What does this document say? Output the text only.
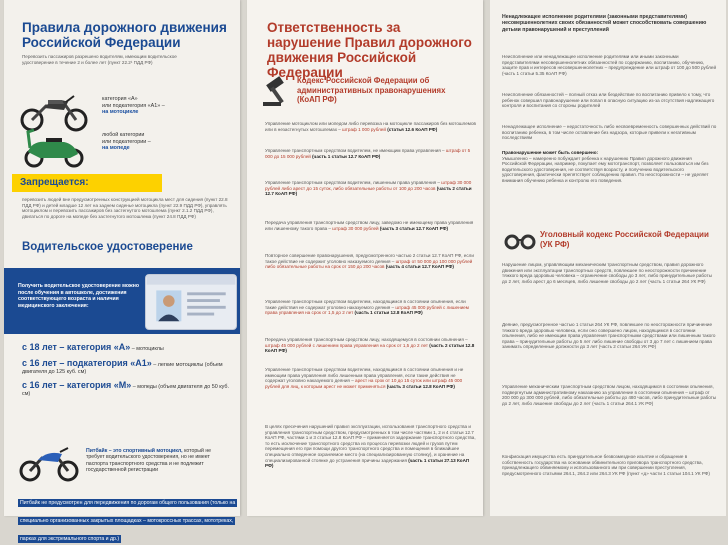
Правила дорожного движения Российской Федерации
Перевозить пассажиров разрешено водителям, имеющим водительское удостоверение в течение 2 и более лет (пункт 22.2¹ ПДД РФ)
категория «А»
или подкатегория «А1» –
на мотоцикле
любой категории
или подкатегории –
на мопеде
Запрещается:
перевозить людей вне предусмотренных конструкцией мотоцикла мест для сидения (пункт 22.8 ПДД РФ) и детей младше 12 лет на заднем сиденье мотоцикла (пункт 22.9 ПДД РФ), управлять мотоциклом и перевозить пассажиров без застегнутого мотошлема (пункт 2.1.2 ПДД РФ), двигаться по дороге на мопеде без застегнутого мотошлема (пункт 24.8 ПДД РФ)
Водительское удостоверение
Получить водительское удостоверение можно после обучения в автошколе, достижения соответствующего возраста и наличия медицинского заключения:
с 18 лет – категория «А» – мотоциклы
с 16 лет – подкатегория «А1» – легкие мотоциклы (объем двигателя до 125 куб. см)
с 16 лет – категория «М» – мопеды (объем двигателя до 50 куб. см)
Питбайк – это спортивный мотоцикл, который не требует водительского удостоверения, но не имеет паспорта транспортного средства и не подлежит государственной регистрации
Питбайк не предусмотрен для передвижения по дорогам общего пользования (только на специально организованных закрытых площадках – мотокроссных трассах, мототреках, парках для экстремального спорта и др.)
Ответственность за нарушение Правил дорожного движения Российской Федерации
Кодекс Российской Федерации об административных правонарушениях (КоАП РФ)
Управление мотоциклом или мопедом либо перевозка на мотоцикле пассажиров без мотошлемов или в незастегнутых мотошлемах – штраф 1 000 рублей (статья 12.6 КоАП РФ)
Управление транспортным средством водителем, не имеющим права управления – штраф от 5 000 до 15 000 рублей (часть 1 статьи 12.7 КоАП РФ)
Управление транспортным средством водителем, лишенным права управления – штраф 30 000 рублей либо арест до 15 суток, либо обязательные работы от 100 до 200 часов (часть 2 статьи 12.7 КоАП РФ)
Передача управления транспортным средством лицу, заведомо не имеющему права управления или лишенному такого права – штраф 30 000 рублей (часть 3 статьи 12.7 КоАП РФ)
Повторное совершение правонарушения, предусмотренного частью 2 статьи 12.7 КоАП РФ, если такое действие не содержит уголовно наказуемого деяния – штраф от 50 000 до 100 000 рублей либо обязательные работы на срок от 150 до 200 часов (часть 4 статьи 12.7 КоАП РФ)
Управление транспортным средством водителем, находящимся в состоянии опьянения, если такие действия не содержат уголовно наказуемого деяния – штраф 45 000 рублей с лишением права управления на срок от 1,5 до 2 лет (часть 1 статьи 12.8 КоАП РФ)
Передача управления транспортным средством лицу, находящемуся в состоянии опьянения – штраф 45 000 рублей с лишением права управления на срок от 1,5 до 2 лет (часть 2 статьи 12.8 КоАП РФ)
Управление транспортным средством водителем, находящимся в состоянии опьянения и не имеющим права управления либо лишенным права управления, если такие действия не содержат уголовно наказуемого деяния – арест на срок от 10 до 15 суток или штраф 45 000 рублей для лиц, к которым арест не может применяться (часть 3 статьи 12.8 КоАП РФ)
В целях пресечения нарушений правил эксплуатации, использования транспортного средства и управления транспортным средством, предусмотренных в том числе частями 1, 2 и 4 статьи 12.7 КоАП РФ, частями 1 и 3 статьи 12.8 КоАП РФ – применяется задержание транспортного средства, то есть исключение транспортного средства из процесса перевозки людей и грузов путем перемещения его при помощи другого транспортного средства и помещения в ближайшее специально отведенное охраняемое место (на специализированную стоянку), и хранение на специализированной стоянке до устранения причины задержания (часть 1 статьи 27.13 КоАП РФ)
Ненадлежащее исполнение родителями (законными представителями) несовершеннолетних своих обязанностей может способствовать совершению детьми правонарушений и преступлений
Неисполнение или ненадлежащее исполнение родителями или иными законными представителями несовершеннолетних обязанностей по содержанию, воспитанию, обучению, защите прав и интересов несовершеннолетних – предупреждение или штраф от 100 до 500 рублей (часть 1 статьи 5.35 КоАП РФ)
Неисполнение обязанностей – полный отказ или бездействие по воспитанию привело к тому, что ребенок совершил правонарушение или попал в опасную ситуацию из-за отсутствия надлежащего контроля и воспитания со стороны родителей
Ненадлежащее исполнение – недостаточность либо несвоевременность совершенных действий по воспитанию ребенка, в том числе оставление без надзора, которые привели к негативным последствиям
Правонарушение может быть совершено:
Умышленно – намеренно побуждает ребенка к нарушению Правил дорожного движения Российской Федерации, например, покупает ему мототранспорт, позволяет пользоваться им без водительского удостоверения, не соответствуя возрасту, и получению водительского удостоверения, фактически препятствует соблюдению правил. По неосторожности – не уделяет внимания обучению ребенка и контролю его поведения.
Уголовный кодекс Российской Федерации (УК РФ)
Нарушение лицом, управляющим механическим транспортным средством, правил дорожного движения или эксплуатации транспортных средств, повлекшее по неосторожности причинение тяжкого вреда здоровью человека – ограничение свободы до 3 лет, либо принудительные работы до 2 лет, либо арест до 6 месяцев, либо лишение свободы до 2 лет (часть 1 статьи 264 УК РФ)
Деяние, предусмотренное частью 1 статьи 264 УК РФ, повлекшее по неосторожности причинение тяжкого вреда здоровью человека, если оно совершено лицом, находящимся в состоянии опьянения, либо не имеющим права управления транспортными средствами или лишенным такого права – принудительные работы до 5 лет либо лишение свободы от 3 до 7 лет с лишением права занимать определенные должности до 3 лет (часть 2 статьи 264 УК РФ)
Управление механическим транспортным средством лицом, находящимся в состоянии опьянения, подвергнутым административному наказанию за управление в состоянии опьянения – штраф от 200 000 до 300 000 рублей, либо обязательные работы до 480 часов, либо принудительные работы до 2 лет, либо лишение свободы до 2 лет (часть 1 статьи 264.1 УК РФ)
Конфискация имущества есть принудительное безвозмездное изъятие и обращение в собственность государства на основании обвинительного приговора транспортного средства, принадлежащего обвиняемому и использованного им при совершении преступления, предусмотренного статьями 264.1, 264.2 или 264.3 УК РФ (пункт «д» части 1 статьи 104.1 УК РФ)
